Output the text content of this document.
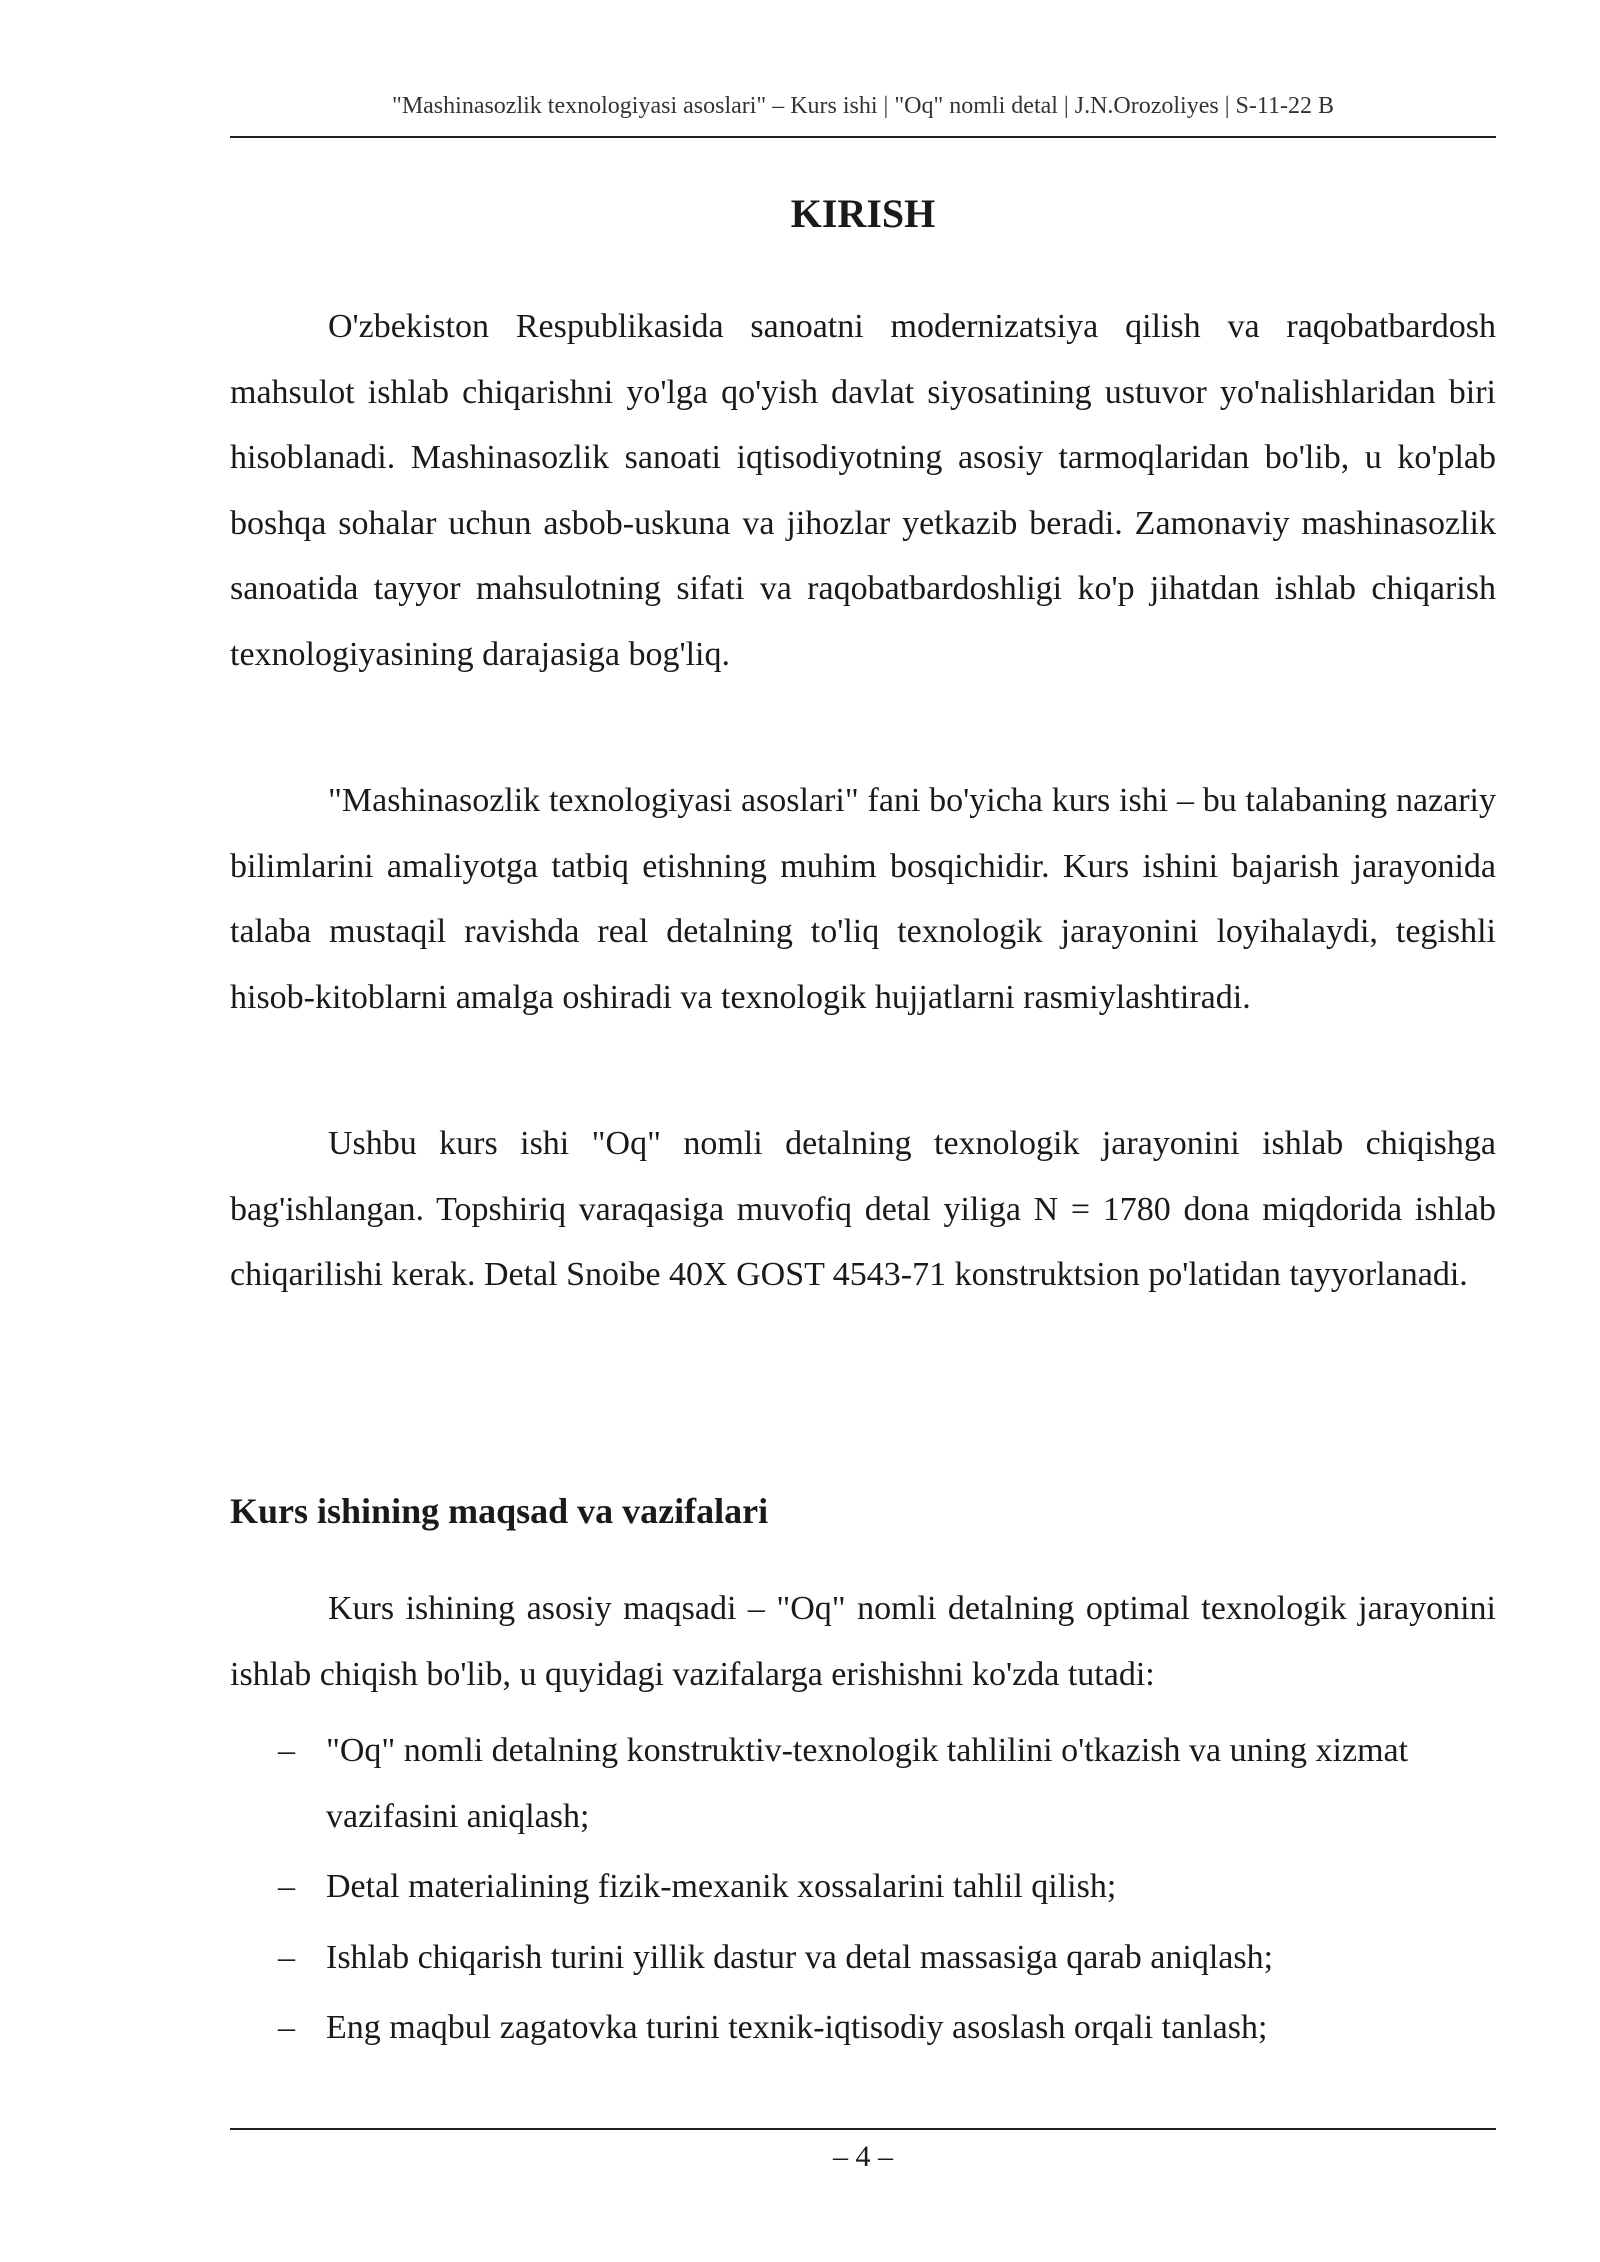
"Mashinasozlik texnologiyasi asoslari" – Kurs ishi | "Oq" nomli detal | J.N.Orozoliyes | S-11-22 B
KIRISH

O'zbekiston Respublikasida sanoatni modernizatsiya qilish va raqobatbardosh mahsulot ishlab chiqarishni yo'lga qo'yish davlat siyosatining ustuvor yo'nalishlaridan biri hisoblanadi. Mashinasozlik sanoati iqtisodiyotning asosiy tarmoqlaridan bo'lib, u ko'plab boshqa sohalar uchun asbob-uskuna va jihozlar yetkazib beradi. Zamonaviy mashinasozlik sanoatida tayyor mahsulotning sifati va raqobatbardoshligi ko'p jihatdan ishlab chiqarish texnologiyasining darajasiga bog'liq.

"Mashinasozlik texnologiyasi asoslari" fani bo'yicha kurs ishi – bu talabaning nazariy bilimlarini amaliyotga tatbiq etishning muhim bosqichidir. Kurs ishini bajarish jarayonida talaba mustaqil ravishda real detalning to'liq texnologik jarayonini loyihalaydi, tegishli hisob-kitoblarni amalga oshiradi va texnologik hujjatlarni rasmiylashtiradi.

Ushbu kurs ishi "Oq" nomli detalning texnologik jarayonini ishlab chiqishga bag'ishlangan. Topshiriq varaqasiga muvofiq detal yiliga N = 1780 dona miqdorida ishlab chiqarilishi kerak. Detal Snoibe 40X GOST 4543-71 konstruktsion po'latidan tayyorlanadi.

Kurs ishining maqsad va vazifalari

Kurs ishining asosiy maqsadi – "Oq" nomli detalning optimal texnologik jarayonini ishlab chiqish bo'lib, u quyidagi vazifalarga erishishni ko'zda tutadi:

– "Oq" nomli detalning konstruktiv-texnologik tahlilini o'tkazish va uning xizmat vazifasini aniqlash;
– Detal materialining fizik-mexanik xossalarini tahlil qilish;
– Ishlab chiqarish turini yillik dastur va detal massasiga qarab aniqlash;
– Eng maqbul zagatovka turini texnik-iqtisodiy asoslash orqali tanlash;
– 4 –
